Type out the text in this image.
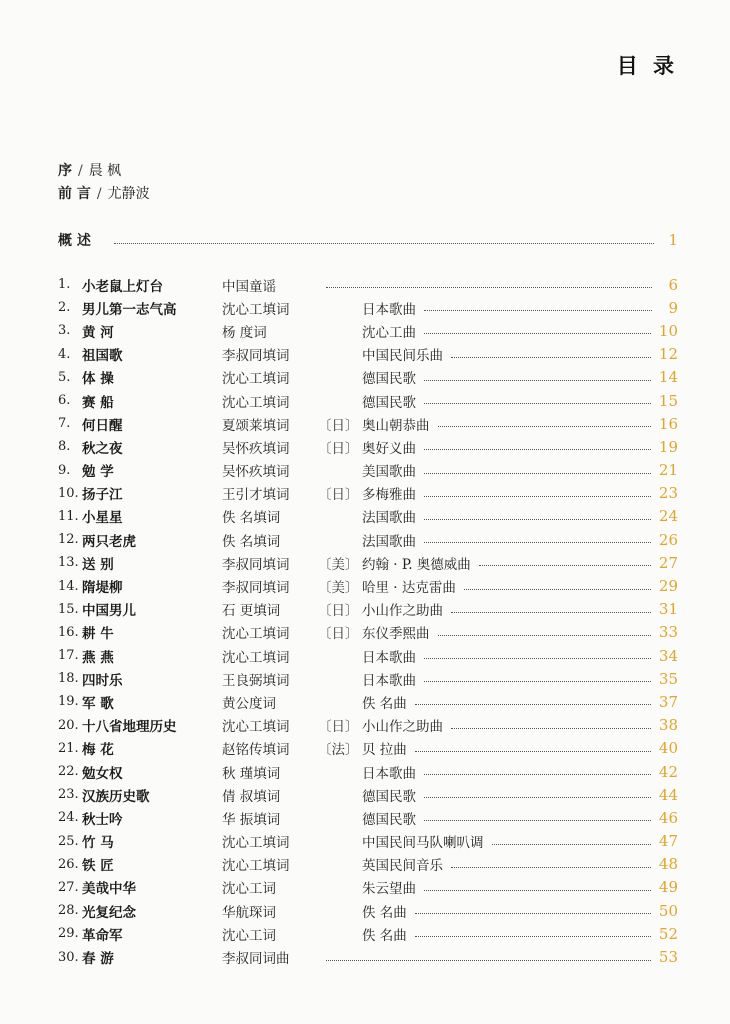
目 录
序 / 晨 枫
前 言 / 尤静波
概 述	1
1. 小老鼠上灯台	中国童谣	6
2. 男儿第一志气高	沈心工填词	日本歌曲	9
3. 黄 河	杨 度词	沈心工曲	10
4. 祖国歌	李叔同填词	中国民间乐曲	12
5. 体 操	沈心工填词	德国民歌	14
6. 赛 船	沈心工填词	德国民歌	15
7. 何日醒	夏颂莱填词	〔日〕 奥山朝恭曲	16
8. 秋之夜	吴怀疚填词	〔日〕 奥好义曲	19
9. 勉 学	吴怀疚填词	美国歌曲	21
10. 扬子江	王引才填词	〔日〕 多梅雅曲	23
11. 小星星	佚 名填词	法国歌曲	24
12. 两只老虎	佚 名填词	法国歌曲	26
13. 送 别	李叔同填词	〔美〕 约翰 · P. 奥德威曲	27
14. 隋堤柳	李叔同填词	〔美〕 哈里 · 达克雷曲	29
15. 中国男儿	石 更填词	〔日〕 小山作之助曲	31
16. 耕 牛	沈心工填词	〔日〕 东仪季熙曲	33
17. 燕 燕	沈心工填词	日本歌曲	34
18. 四时乐	王良弼填词	日本歌曲	35
19. 军 歌	黄公度词	佚 名曲	37
20. 十八省地理历史	沈心工填词	〔日〕 小山作之助曲	38
21. 梅 花	赵铭传填词	〔法〕 贝 拉曲	40
22. 勉女权	秋 瑾填词	日本歌曲	42
23. 汉族历史歌	倩 叔填词	德国民歌	44
24. 秋士吟	华 振填词	德国民歌	46
25. 竹 马	沈心工填词	中国民间马队喇叭调	47
26. 铁 匠	沈心工填词	英国民间音乐	48
27. 美哉中华	沈心工词	朱云望曲	49
28. 光复纪念	华航琛词	佚 名曲	50
29. 革命军	沈心工词	佚 名曲	52
30. 春 游	李叔同词曲	53
